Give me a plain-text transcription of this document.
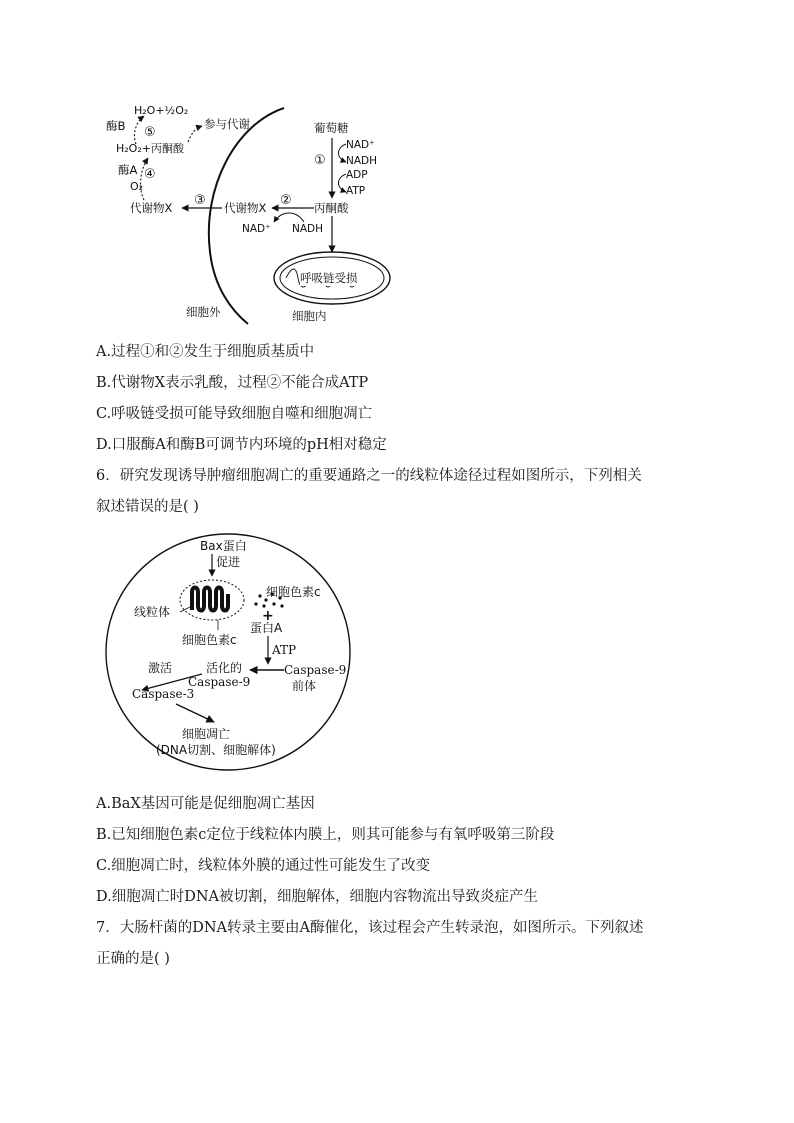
H₂O+½O₂
参与代谢
酶B ⑤
H₂O₂+丙酮酸
酶A ④
O₂
代谢物X ③ 代谢物X ②
NAD⁺ NADH
丙酮酸
葡萄糖
①
NAD⁺
NADH
ADP
ATP
呼吸链受损
细胞外	细胞内
A.过程①和②发生于细胞质基质中
B.代谢物X表示乳酸，过程②不能合成ATP
C.呼吸链受损可能导致细胞自噬和细胞凋亡
D.口服酶A和酶B可调节内环境的pH相对稳定
6．研究发现诱导肿瘤细胞凋亡的重要通路之一的线粒体途径过程如图所示，下列相关
叙述错误的是( )
Bax蛋白
促进
线粒体
细胞色素c
+
蛋白A
细胞色素c
ATP
Caspase-9
前体
激活	活化的
Caspase-9
Caspase-3
细胞凋亡
(DNA切割、细胞解体)
A.BaX基因可能是促细胞凋亡基因
B.已知细胞色素c定位于线粒体内膜上，则其可能参与有氧呼吸第三阶段
C.细胞凋亡时，线粒体外膜的通过性可能发生了改变
D.细胞凋亡时DNA被切割，细胞解体，细胞内容物流出导致炎症产生
7．大肠杆菌的DNA转录主要由A酶催化，该过程会产生转录泡，如图所示。下列叙述
正确的是( )
